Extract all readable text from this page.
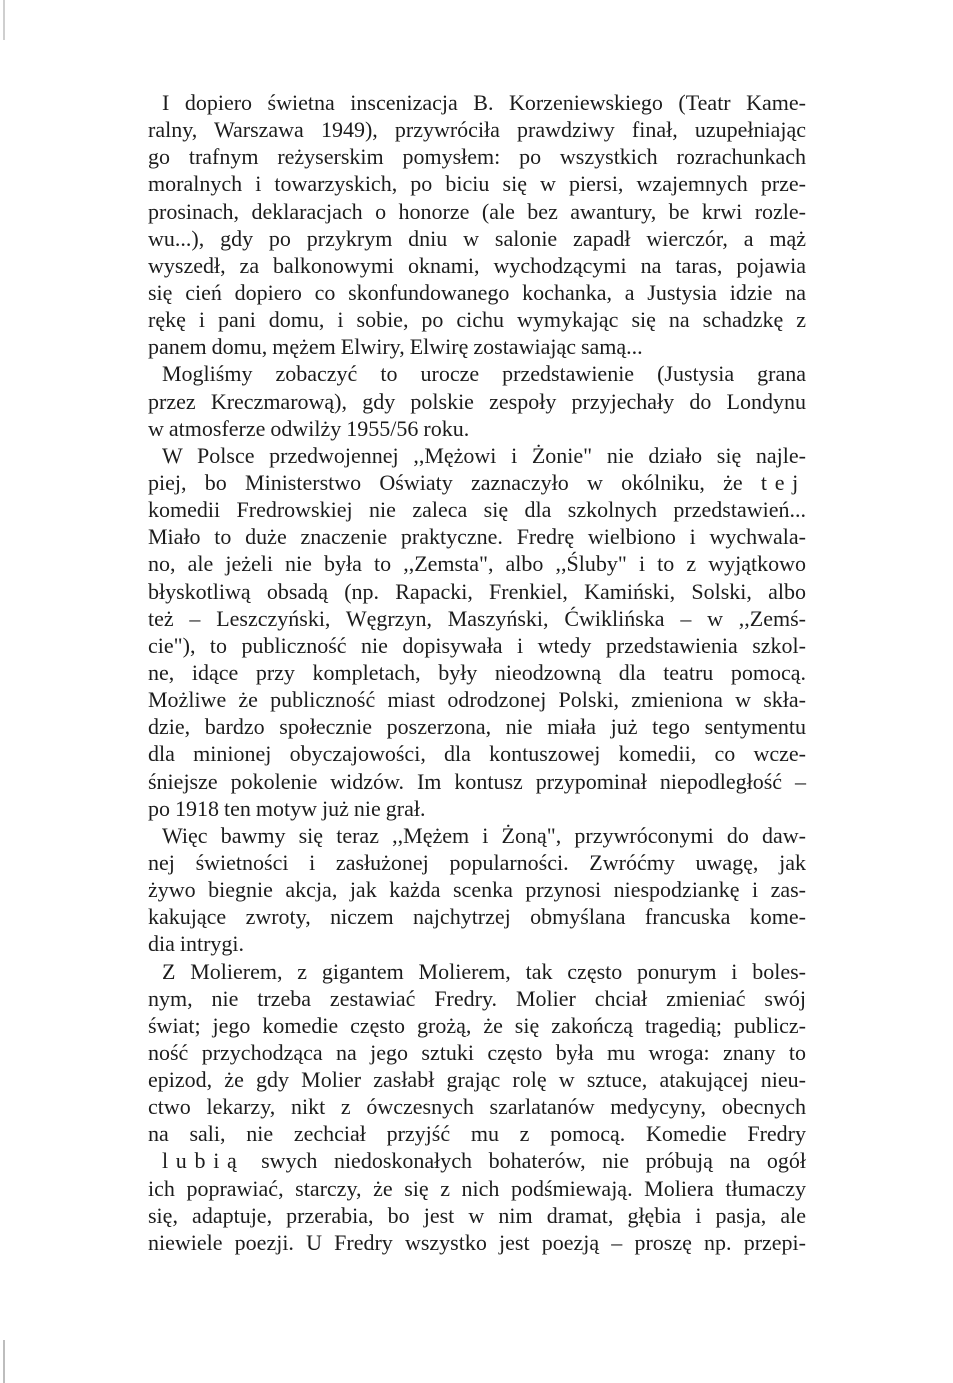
I dopiero świetna inscenizacja B. Korzeniewskiego (Teatr Kame-
ralny, Warszawa 1949), przywróciła prawdziwy finał, uzupełniając
go trafnym reżyserskim pomysłem: po wszystkich rozrachunkach
moralnych i towarzyskich, po biciu się w piersi, wzajemnych prze-
prosinach, deklaracjach o honorze (ale bez awantury, be krwi rozle-
wu...), gdy po przykrym dniu w salonie zapadł wierczór, a mąż
wyszedł, za balkonowymi oknami, wychodzącymi na taras, pojawia
się cień dopiero co skonfundowanego kochanka, a Justysia idzie na
rękę i pani domu, i sobie, po cichu wymykając się na schadzkę z
panem domu, mężem Elwiry, Elwirę zostawiając samą...
Mogliśmy zobaczyć to urocze przedstawienie (Justysia grana
przez Kreczmarową), gdy polskie zespoły przyjechały do Londynu
w atmosferze odwilży 1955/56 roku.
W Polsce przedwojennej ,,Mężowi i Żonie" nie działo się najle-
piej, bo Ministerstwo Oświaty zaznaczyło w okólniku, że tej
komedii Fredrowskiej nie zaleca się dla szkolnych przedstawień...
Miało to duże znaczenie praktyczne. Fredrę wielbiono i wychwala-
no, ale jeżeli nie była to ,,Zemsta", albo ,,Śluby" i to z wyjątkowo
błyskotliwą obsadą (np. Rapacki, Frenkiel, Kamiński, Solski, albo
też – Leszczyński, Węgrzyn, Maszyński, Ćwiklińska – w ,,Zemś-
cie"), to publiczność nie dopisywała i wtedy przedstawienia szkol-
ne, idące przy kompletach, były nieodzowną dla teatru pomocą.
Możliwe że publiczność miast odrodzonej Polski, zmieniona w skła-
dzie, bardzo społecznie poszerzona, nie miała już tego sentymentu
dla minionej obyczajowości, dla kontuszowej komedii, co wcze-
śniejsze pokolenie widzów. Im kontusz przypominał niepodległość –
po 1918 ten motyw już nie grał.
Więc bawmy się teraz ,,Mężem i Żoną", przywróconymi do daw-
nej świetności i zasłużonej popularności. Zwróćmy uwagę, jak
żywo biegnie akcja, jak każda scenka przynosi niespodziankę i zas-
kakujące zwroty, niczem najchytrzej obmyślana francuska kome-
dia intrygi.
Z Molierem, z gigantem Molierem, tak często ponurym i boles-
nym, nie trzeba zestawiać Fredry. Molier chciał zmieniać swój
świat; jego komedie często grożą, że się zakończą tragedią; publicz-
ność przychodząca na jego sztuki często była mu wroga: znany to
epizod, że gdy Molier zasłabł grając rolę w sztuce, atakującej nieu-
ctwo lekarzy, nikt z ówczesnych szarlatanów medycyny, obecnych
na sali, nie zechciał przyjść mu z pomocą. Komedie Fredry
lubią swych niedoskonałych bohaterów, nie próbują na ogół
ich poprawiać, starczy, że się z nich podśmiewają. Moliera tłumaczy
się, adaptuje, przerabia, bo jest w nim dramat, głębia i pasja, ale
niewiele poezji. U Fredry wszystko jest poezją – proszę np. przepi-
